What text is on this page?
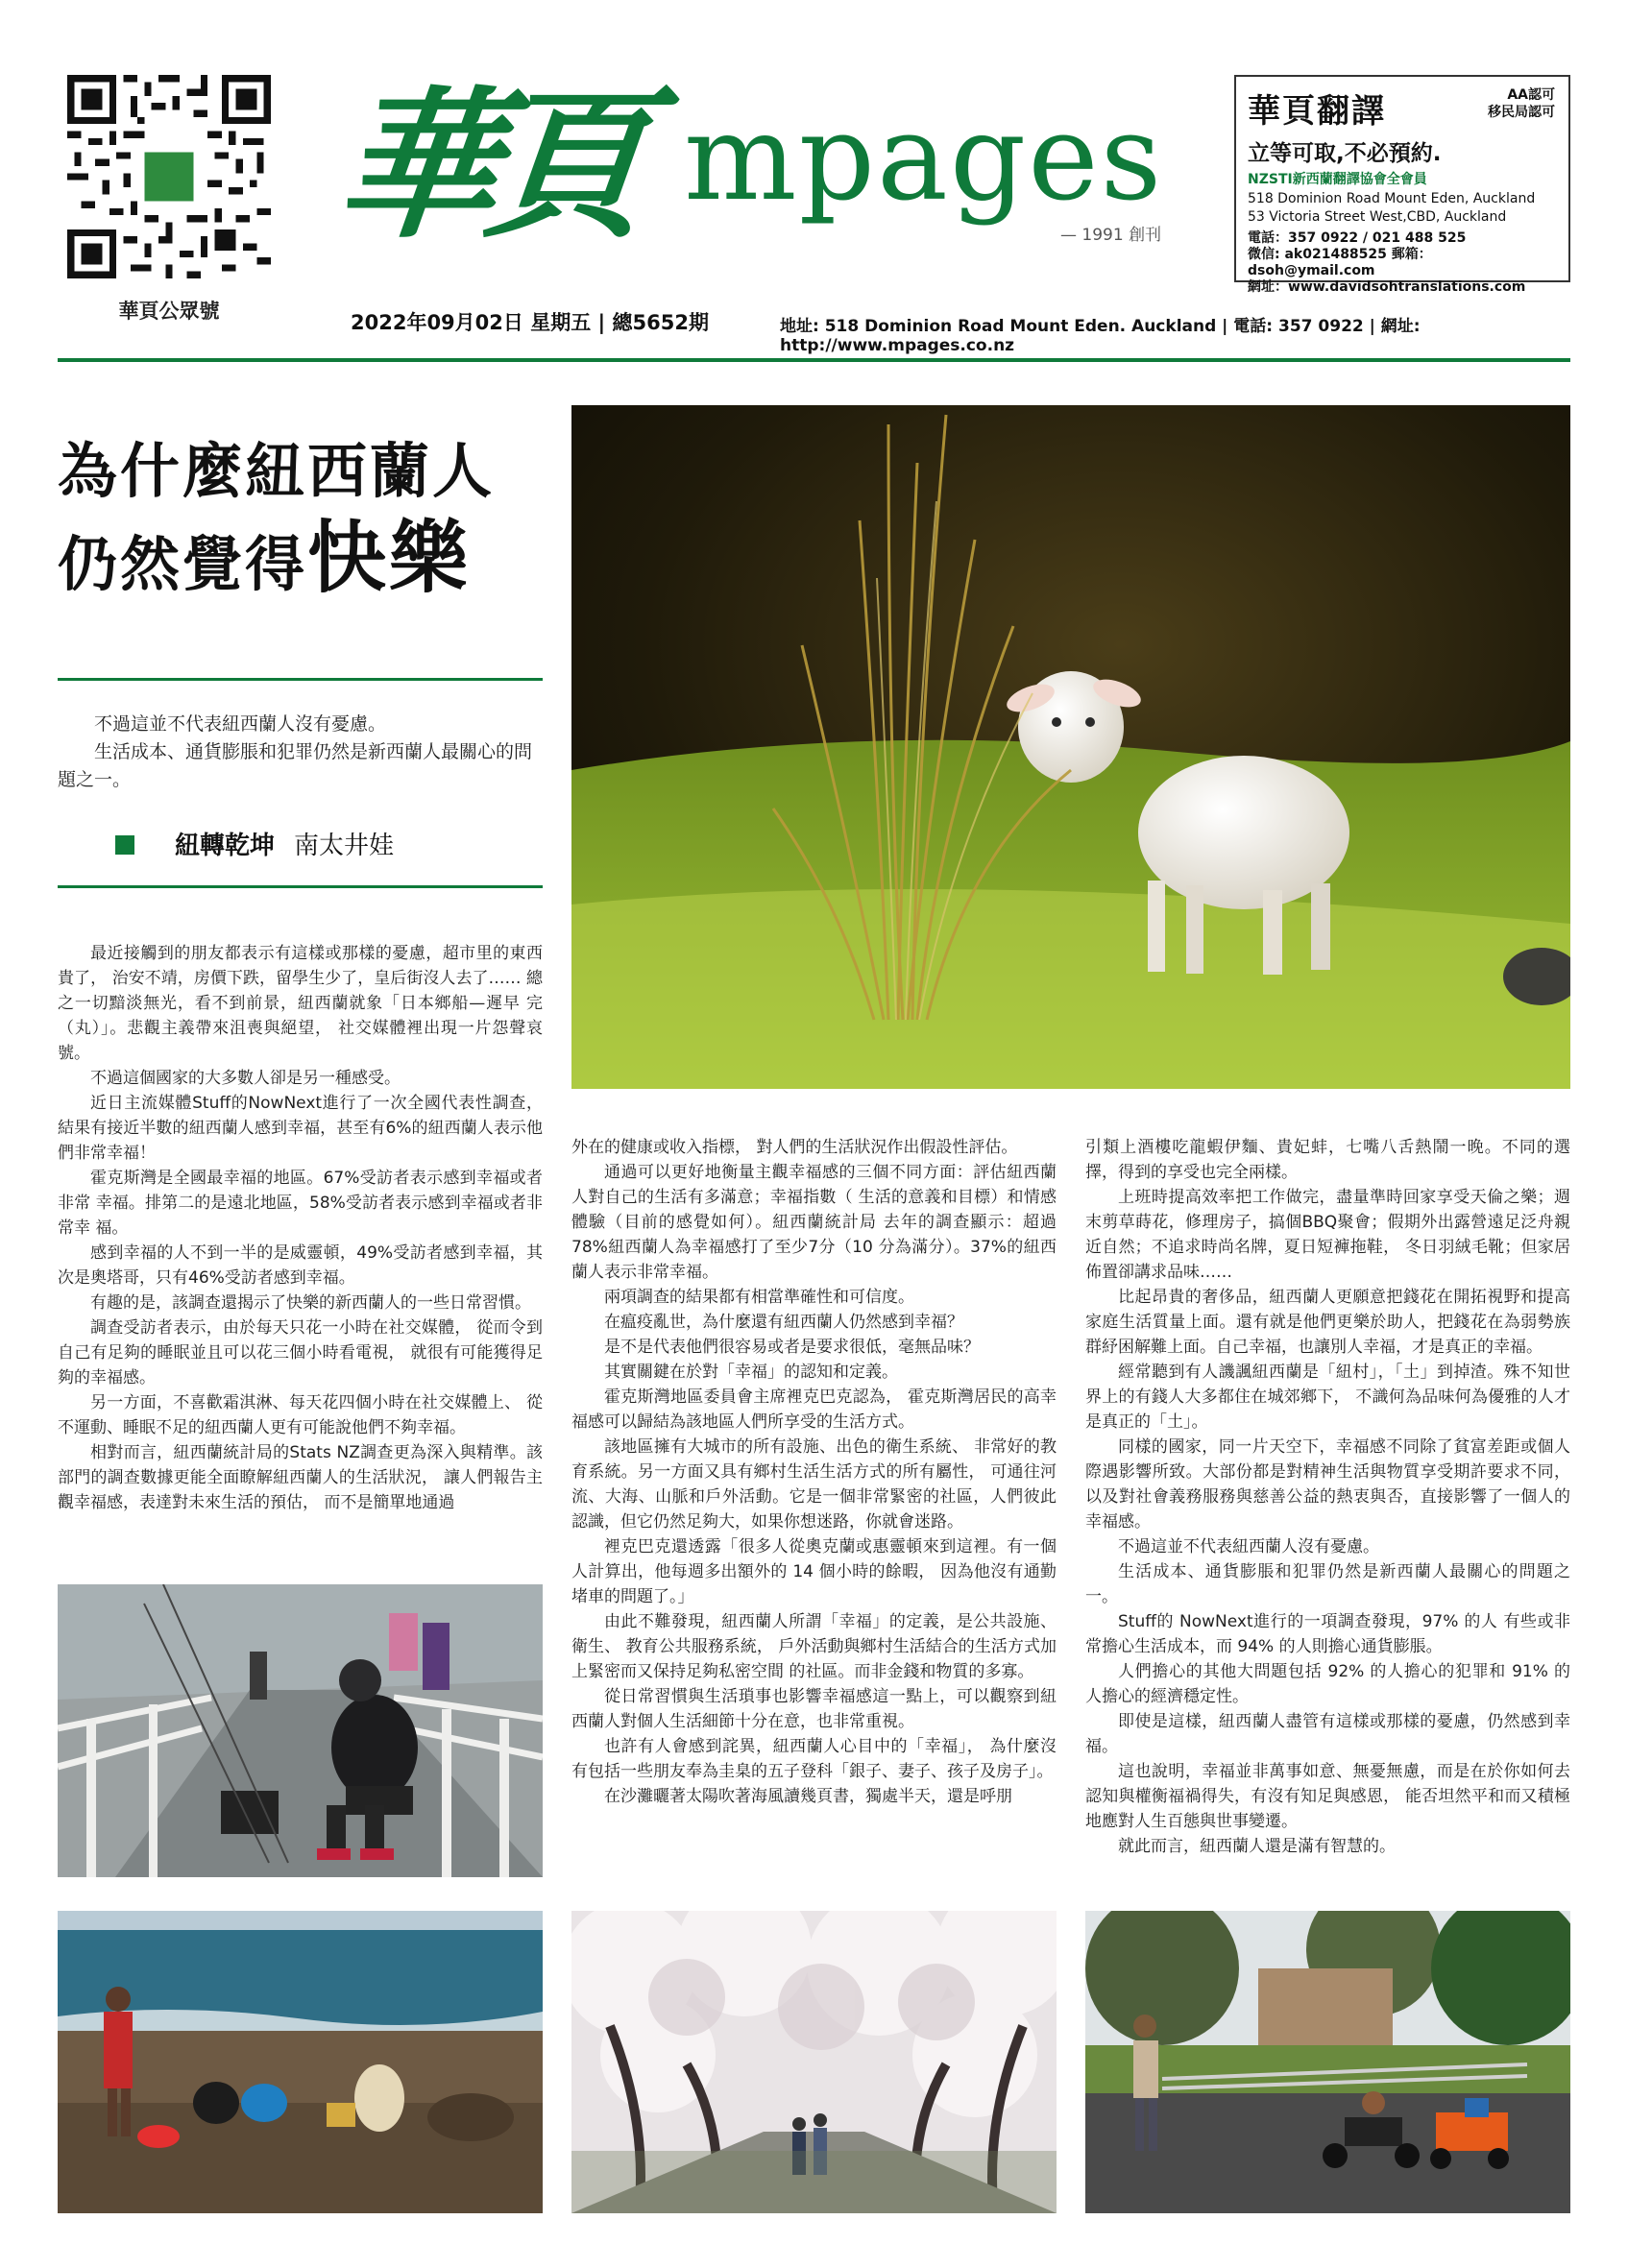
華頁公眾號
華頁 mpages
— 1991 創刊
華頁翻譯	AA認可
移民局認可
立等可取,不必預約.
NZSTI新西蘭翻譯協會全會員
518 Dominion Road Mount Eden, Auckland
53 Victoria Street West,CBD, Auckland
電話：357 0922 / 021 488 525
微信: ak021488525 郵箱：dsoh@ymail.com
網址：www.davidsohtranslations.com
2022年09月02日 星期五 | 總5652期	地址: 518 Dominion Road Mount Eden. Auckland | 電話: 357 0922 | 網址: http://www.mpages.co.nz
為什麼紐西蘭人
仍然覺得快樂

不過這並不代表紐西蘭人沒有憂慮。

生活成本、通貨膨脹和犯罪仍然是新西蘭人最關心的問題之一。

紐轉乾坤 南太井娃

最近接觸到的朋友都表示有這樣或那樣的憂慮，超市里的東西貴了， 治安不靖，房價下跌，留學生少了，皇后街沒人去了…… 總之一切黯淡無光，看不到前景，紐西蘭就象「日本鄉船—遲早 完（丸）」。悲觀主義帶來沮喪與絕望， 社交媒體裡出現一片怨聲哀號。

不過這個國家的大多數人卻是另一種感受。

近日主流媒體Stuff的NowNext進行了一次全國代表性調查，結果有接近半數的紐西蘭人感到幸福，甚至有6%的紐西蘭人表示他們非常幸福！

霍克斯灣是全國最幸福的地區。67%受訪者表示感到幸福或者非常 幸福。排第二的是遠北地區，58%受訪者表示感到幸福或者非常幸 福。

感到幸福的人不到一半的是威靈頓，49%受訪者感到幸福，其次是奧塔哥，只有46%受訪者感到幸福。

有趣的是，該調查還揭示了快樂的新西蘭人的一些日常習慣。

調查受訪者表示，由於每天只花一小時在社交媒體， 從而令到自己有足夠的睡眠並且可以花三個小時看電視， 就很有可能獲得足夠的幸福感。

另一方面，不喜歡霜淇淋、每天花四個小時在社交媒體上、 從不運動、睡眠不足的紐西蘭人更有可能說他們不夠幸福。

相對而言，紐西蘭統計局的Stats NZ調查更為深入與精準。該部門的調查數據更能全面瞭解紐西蘭人的生活狀況， 讓人們報告主觀幸福感，表達對未來生活的預估， 而不是簡單地通過

外在的健康或收入指標， 對人們的生活狀況作出假設性評估。

通過可以更好地衡量主觀幸福感的三個不同方面：評估紐西蘭人對自己的生活有多滿意；幸福指數（ 生活的意義和目標）和情感體驗（目前的感覺如何）。紐西蘭統計局 去年的調查顯示：超過78%紐西蘭人為幸福感打了至少7分（10 分為滿分）。37%的紐西蘭人表示非常幸福。

兩項調查的結果都有相當準確性和可信度。

在瘟疫亂世，為什麼還有紐西蘭人仍然感到幸福？

是不是代表他們很容易或者是要求很低，毫無品味？

其實關鍵在於對「幸福」的認知和定義。

霍克斯灣地區委員會主席裡克巴克認為， 霍克斯灣居民的高幸福感可以歸結為該地區人們所享受的生活方式。

該地區擁有大城市的所有設施、出色的衛生系統、 非常好的教育系統。另一方面又具有鄉村生活生活方式的所有屬性， 可通往河流、大海、山脈和戶外活動。它是一個非常緊密的社區，人們彼此認識，但它仍然足夠大，如果你想迷路，你就會迷路。

裡克巴克還透露「很多人從奧克蘭或惠靈頓來到這裡。有一個人計算出，他每週多出額外的 14 個小時的餘暇， 因為他沒有通勤堵車的問題了。」

由此不難發現，紐西蘭人所謂「幸福」的定義，是公共設施、衛生、 教育公共服務系統， 戶外活動與鄉村生活結合的生活方式加上緊密而又保持足夠私密空間 的社區。而非金錢和物質的多寡。

從日常習慣與生活瑣事也影響幸福感這一點上，可以觀察到紐西蘭人對個人生活細節十分在意，也非常重視。

也許有人會感到詫異，紐西蘭人心目中的「幸福」， 為什麼沒有包括一些朋友奉為圭臬的五子登科「銀子、妻子、孩子及房子」。

在沙灘曬著太陽吹著海風讀幾頁書，獨處半天，還是呼朋

引類上酒樓吃龍蝦伊麵、貴妃蚌，七嘴八舌熱鬧一晚。不同的選擇，得到的享受也完全兩樣。

上班時提高效率把工作做完，盡量準時回家享受天倫之樂；週末剪草蒔花，修理房子，搞個BBQ聚會；假期外出露營遠足泛舟親近自然；不追求時尚名牌，夏日短褲拖鞋， 冬日羽絨毛靴；但家居佈置卻講求品味……

比起昂貴的奢侈品，紐西蘭人更願意把錢花在開拓視野和提高家庭生活質量上面。還有就是他們更樂於助人，把錢花在為弱勢族群紓困解難上面。自己幸福，也讓別人幸福，才是真正的幸福。

經常聽到有人譏諷紐西蘭是「紐村」，「土」到掉渣。殊不知世界上的有錢人大多都住在城郊鄉下， 不識何為品味何為優雅的人才是真正的「土」。

同樣的國家，同一片天空下，幸福感不同除了貧富差距或個人際遇影響所致。大部份都是對精神生活與物質享受期許要求不同，以及對社會義務服務與慈善公益的熱衷與否，直接影響了一個人的幸福感。

不過這並不代表紐西蘭人沒有憂慮。

生活成本、通貨膨脹和犯罪仍然是新西蘭人最關心的問題之一。

Stuff的 NowNext進行的一項調查發現，97% 的人 有些或非常擔心生活成本，而 94% 的人則擔心通貨膨脹。

人們擔心的其他大問題包括 92% 的人擔心的犯罪和 91% 的人擔心的經濟穩定性。

即使是這樣，紐西蘭人盡管有這樣或那樣的憂慮，仍然感到幸福。

這也說明，幸福並非萬事如意、無憂無慮，而是在於你如何去認知與權衡福禍得失，有沒有知足與感恩， 能否坦然平和而又積極地應對人生百態與世事變遷。

就此而言，紐西蘭人還是滿有智慧的。
